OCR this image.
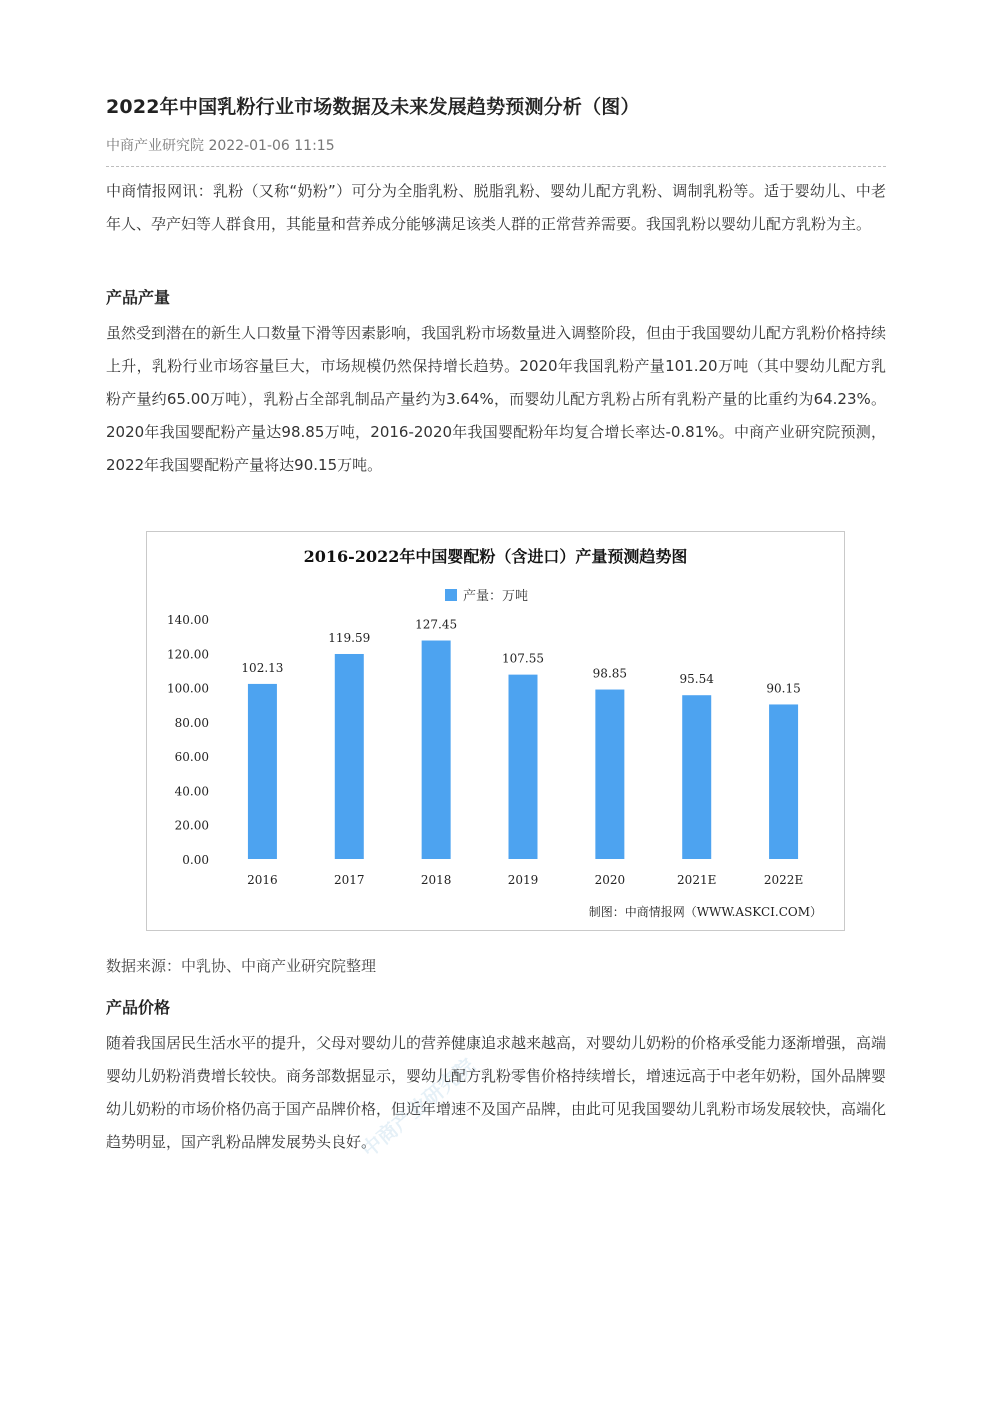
2022年中国乳粉行业市场数据及未来发展趋势预测分析（图）
中商产业研究院 2022-01-06 11:15

中商情报网讯：乳粉（又称“奶粉”）可分为全脂乳粉、脱脂乳粉、婴幼儿配方乳粉、调制乳粉等。适于婴幼儿、中老年人、孕产妇等人群食用，其能量和营养成分能够满足该类人群的正常营养需要。我国乳粉以婴幼儿配方乳粉为主。

产品产量

虽然受到潜在的新生人口数量下滑等因素影响，我国乳粉市场数量进入调整阶段，但由于我国婴幼儿配方乳粉价格持续上升，乳粉行业市场容量巨大，市场规模仍然保持增长趋势。2020年我国乳粉产量101.20万吨（其中婴幼儿配方乳粉产量约65.00万吨），乳粉占全部乳制品产量约为3.64%，而婴幼儿配方乳粉占所有乳粉产量的比重约为64.23%。2020年我国婴配粉产量达98.85万吨，2016-2020年我国婴配粉年均复合增长率达-0.81%。中商产业研究院预测，2022年我国婴配粉产量将达90.15万吨。

中商产业研究院
2016-2022年中国婴配粉（含进口）产量预测趋势图
产量：万吨
0.00
20.00
40.00
60.00
80.00
100.00
120.00
140.00
102.13
2016
119.59
2017
127.45
2018
107.55
2019
98.85
2020
95.54
2021E
90.15
2022E
制图：中商情报网（WWW.ASKCI.COM）
数据来源：中乳协、中商产业研究院整理
产品价格

随着我国居民生活水平的提升，父母对婴幼儿的营养健康追求越来越高，对婴幼儿奶粉的价格承受能力逐渐增强，高端婴幼儿奶粉消费增长较快。商务部数据显示，婴幼儿配方乳粉零售价格持续增长，增速远高于中老年奶粉，国外品牌婴幼儿奶粉的市场价格仍高于国产品牌价格，但近年增速不及国产品牌，由此可见我国婴幼儿乳粉市场发展较快，高端化趋势明显，国产乳粉品牌发展势头良好。
